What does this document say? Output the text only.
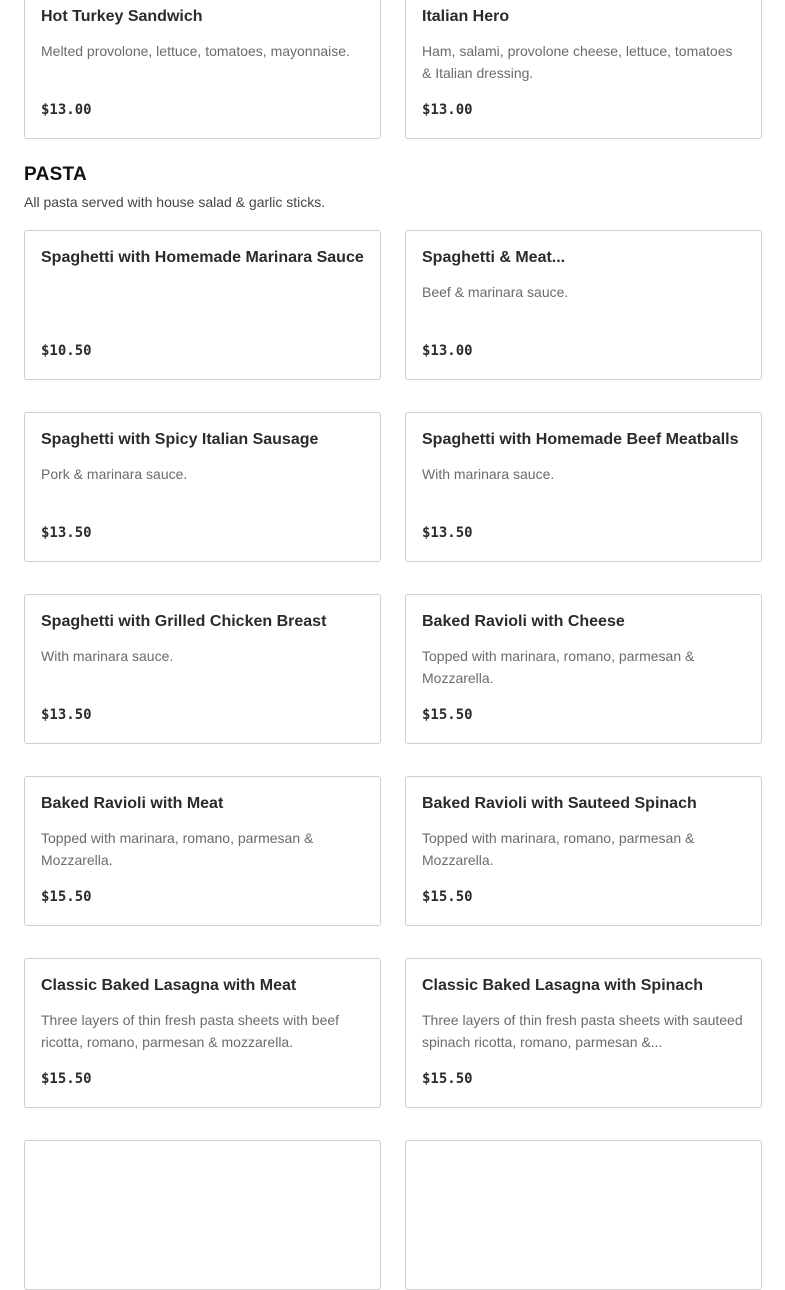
Hot Turkey Sandwich
Melted provolone, lettuce, tomatoes, mayonnaise.
$13.00
Italian Hero
Ham, salami, provolone cheese, lettuce, tomatoes & Italian dressing.
$13.00
PASTA
All pasta served with house salad & garlic sticks.
Spaghetti with Homemade Marinara Sauce
$10.50
Spaghetti & Meat...
Beef & marinara sauce.
$13.00
Spaghetti with Spicy Italian Sausage
Pork & marinara sauce.
$13.50
Spaghetti with Homemade Beef Meatballs
With marinara sauce.
$13.50
Spaghetti with Grilled Chicken Breast
With marinara sauce.
$13.50
Baked Ravioli with Cheese
Topped with marinara, romano, parmesan & Mozzarella.
$15.50
Baked Ravioli with Meat
Topped with marinara, romano, parmesan & Mozzarella.
$15.50
Baked Ravioli with Sauteed Spinach
Topped with marinara, romano, parmesan & Mozzarella.
$15.50
Classic Baked Lasagna with Meat
Three layers of thin fresh pasta sheets with beef ricotta, romano, parmesan & mozzarella.
$15.50
Classic Baked Lasagna with Spinach
Three layers of thin fresh pasta sheets with sauteed spinach ricotta, romano, parmesan &...
$15.50
